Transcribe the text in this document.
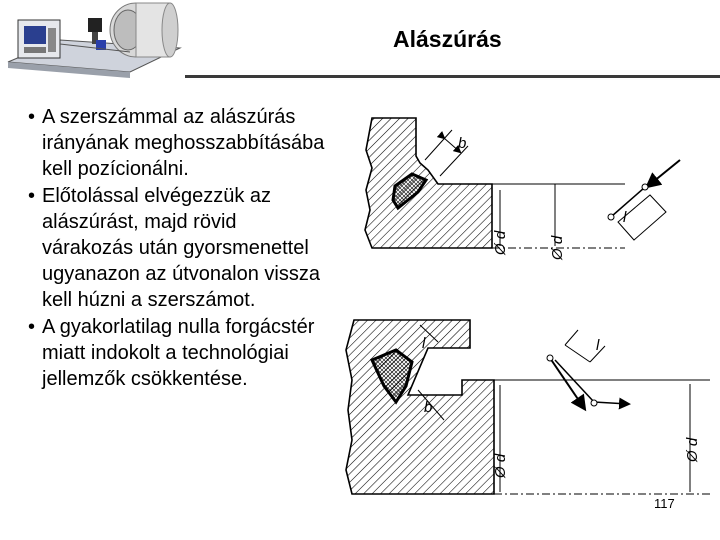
Alászúrás
• A szerszámmal az alászúrás irányának meghosszabbításába kell pozícionálni.
• Előtolással elvégezzük az alászúrást, majd rövid várakozás után gyorsmenettel ugyanazon az útvonalon vissza kell húzni a szerszámot.
• A gyakorlatilag nulla forgácstér miatt indokolt a technológiai jellemzők csökkentése.
b
Ø d	Ø d
l
l
b
Ø d
l
Ø d
117
